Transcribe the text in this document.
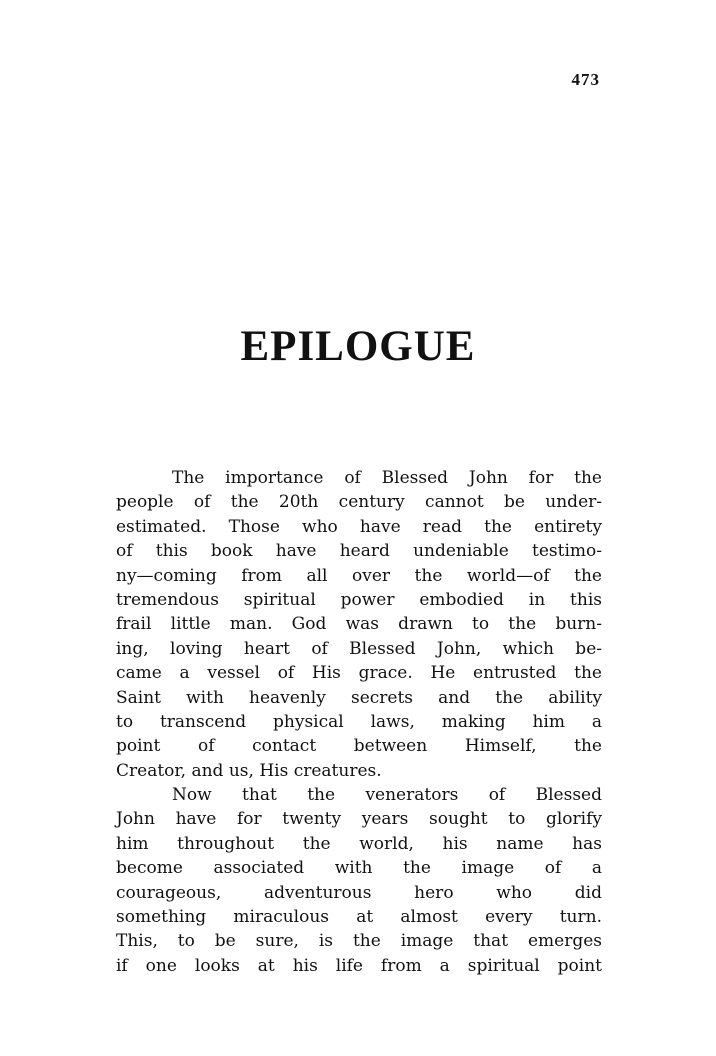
473
EPILOGUE
The importance of Blessed John for the
people of the 20th century cannot be under-
estimated. Those who have read the entirety
of this book have heard undeniable testimo-
ny—coming from all over the world—of the
tremendous spiritual power embodied in this
frail little man. God was drawn to the burn-
ing, loving heart of Blessed John, which be-
came a vessel of His grace. He entrusted the
Saint with heavenly secrets and the ability
to transcend physical laws, making him a
point of contact between Himself, the
Creator, and us, His creatures.
Now that the venerators of Blessed
John have for twenty years sought to glorify
him throughout the world, his name has
become associated with the image of a
courageous, adventurous hero who did
something miraculous at almost every turn.
This, to be sure, is the image that emerges
if one looks at his life from a spiritual point
